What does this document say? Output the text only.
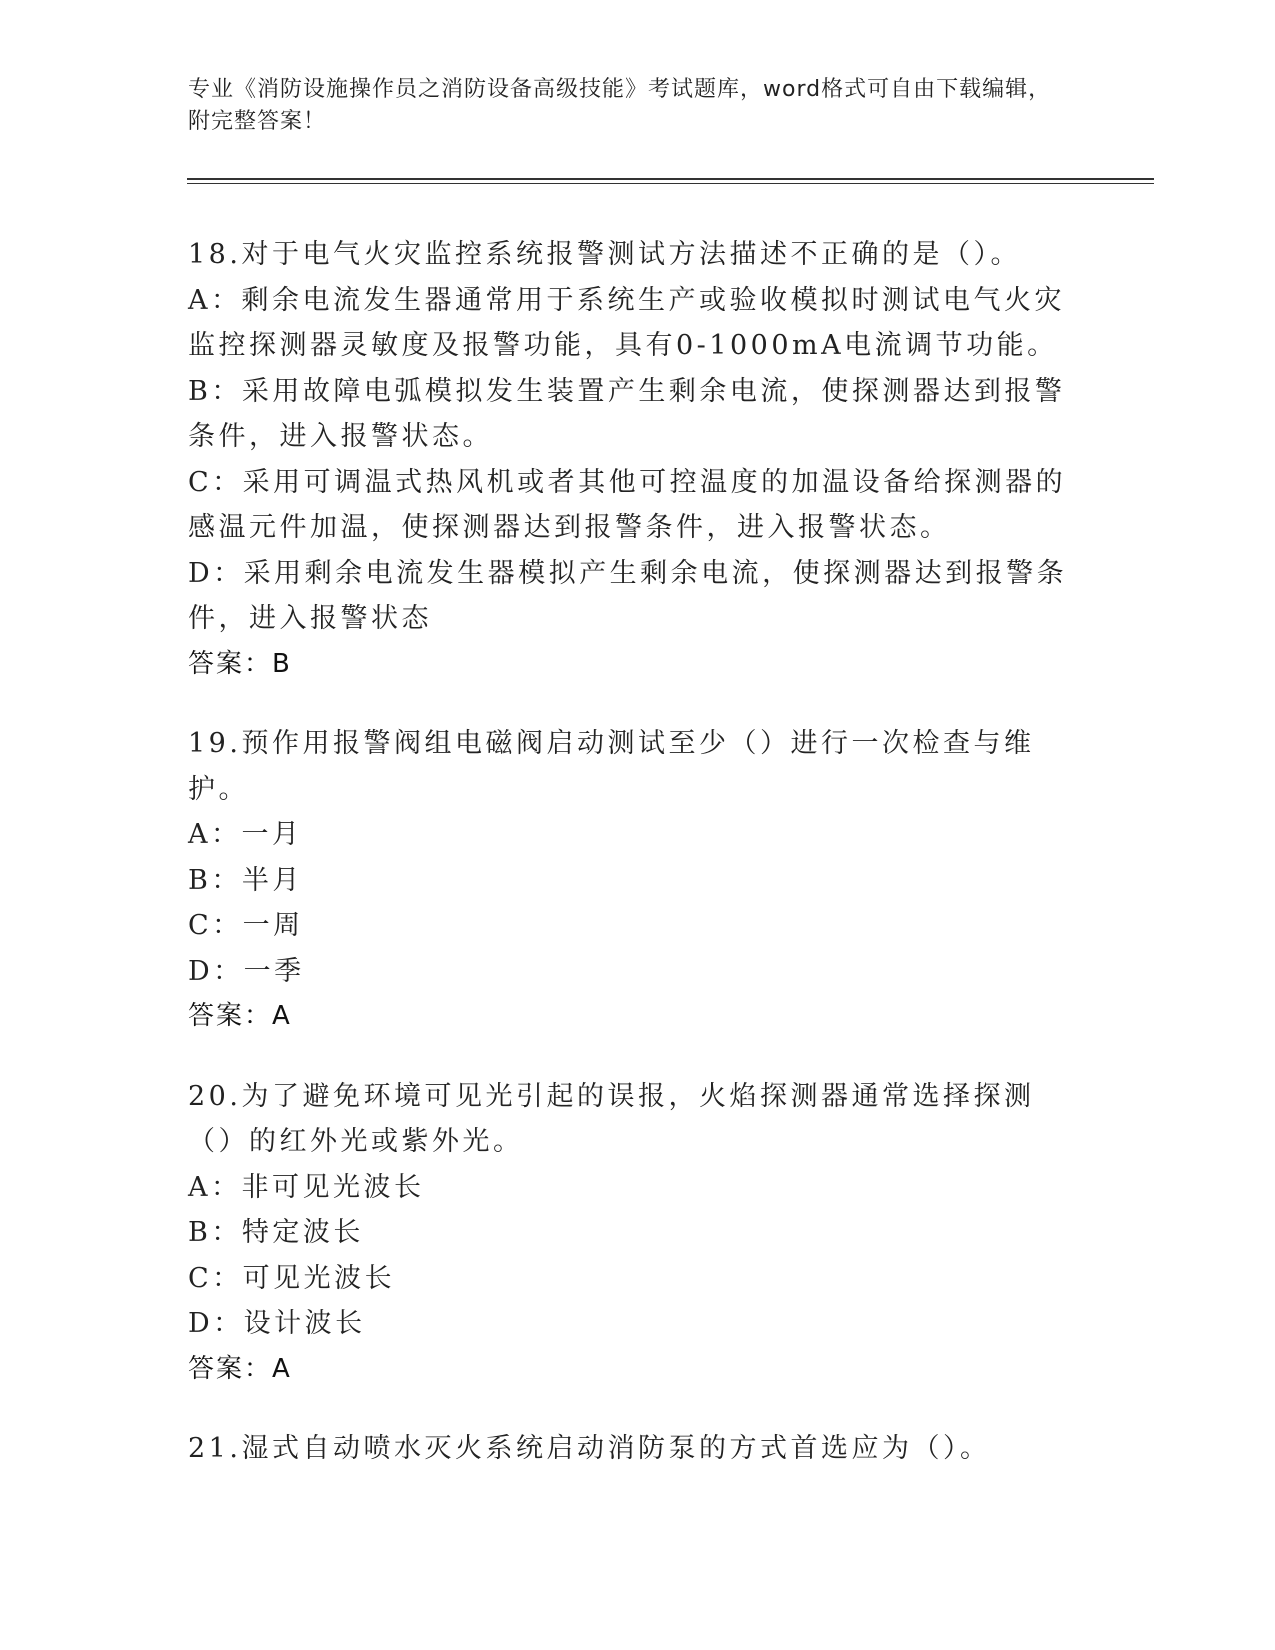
专业《消防设施操作员之消防设备高级技能》考试题库，word格式可自由下载编辑，附完整答案！
18.对于电气火灾监控系统报警测试方法描述不正确的是（）。
A：剩余电流发生器通常用于系统生产或验收模拟时测试电气火灾监控探测器灵敏度及报警功能，具有0-1000mA电流调节功能。
B：采用故障电弧模拟发生装置产生剩余电流，使探测器达到报警条件，进入报警状态。
C：采用可调温式热风机或者其他可控温度的加温设备给探测器的感温元件加温，使探测器达到报警条件，进入报警状态。
D：采用剩余电流发生器模拟产生剩余电流，使探测器达到报警条件，进入报警状态
答案：B
19.预作用报警阀组电磁阀启动测试至少（）进行一次检查与维护。
A：一月
B：半月
C：一周
D：一季
答案：A
20.为了避免环境可见光引起的误报，火焰探测器通常选择探测（）的红外光或紫外光。
A：非可见光波长
B：特定波长
C：可见光波长
D：设计波长
答案：A
21.湿式自动喷水灭火系统启动消防泵的方式首选应为（）。
